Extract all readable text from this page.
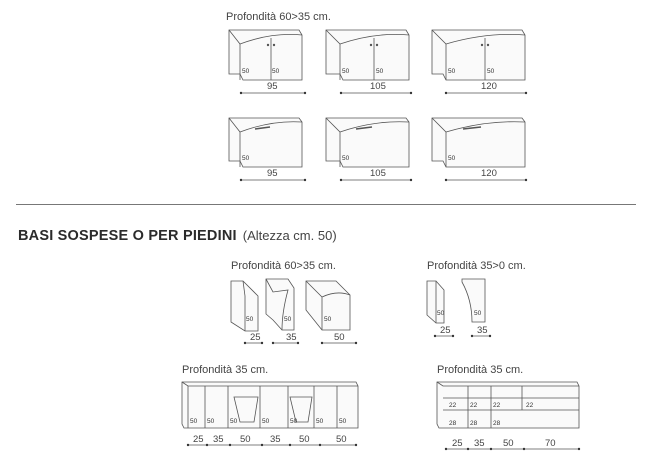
Profondità 60>35 cm.
50	50	50	50	50	50
50	50	50
95	105	120
95	105	120
BASI SOSPESE O PER PIEDINI (Altezza cm. 50)
Profondità 60>35 cm.	Profondità 35>0 cm.
Profondità 35 cm.	Profondità 35 cm.
50	50	50
50	50
50 50 50	50	50	50 50
22 22 22	22
28 28 28
25	35	50
25	35
25 35 50 35 50	50	25 35 50	70
